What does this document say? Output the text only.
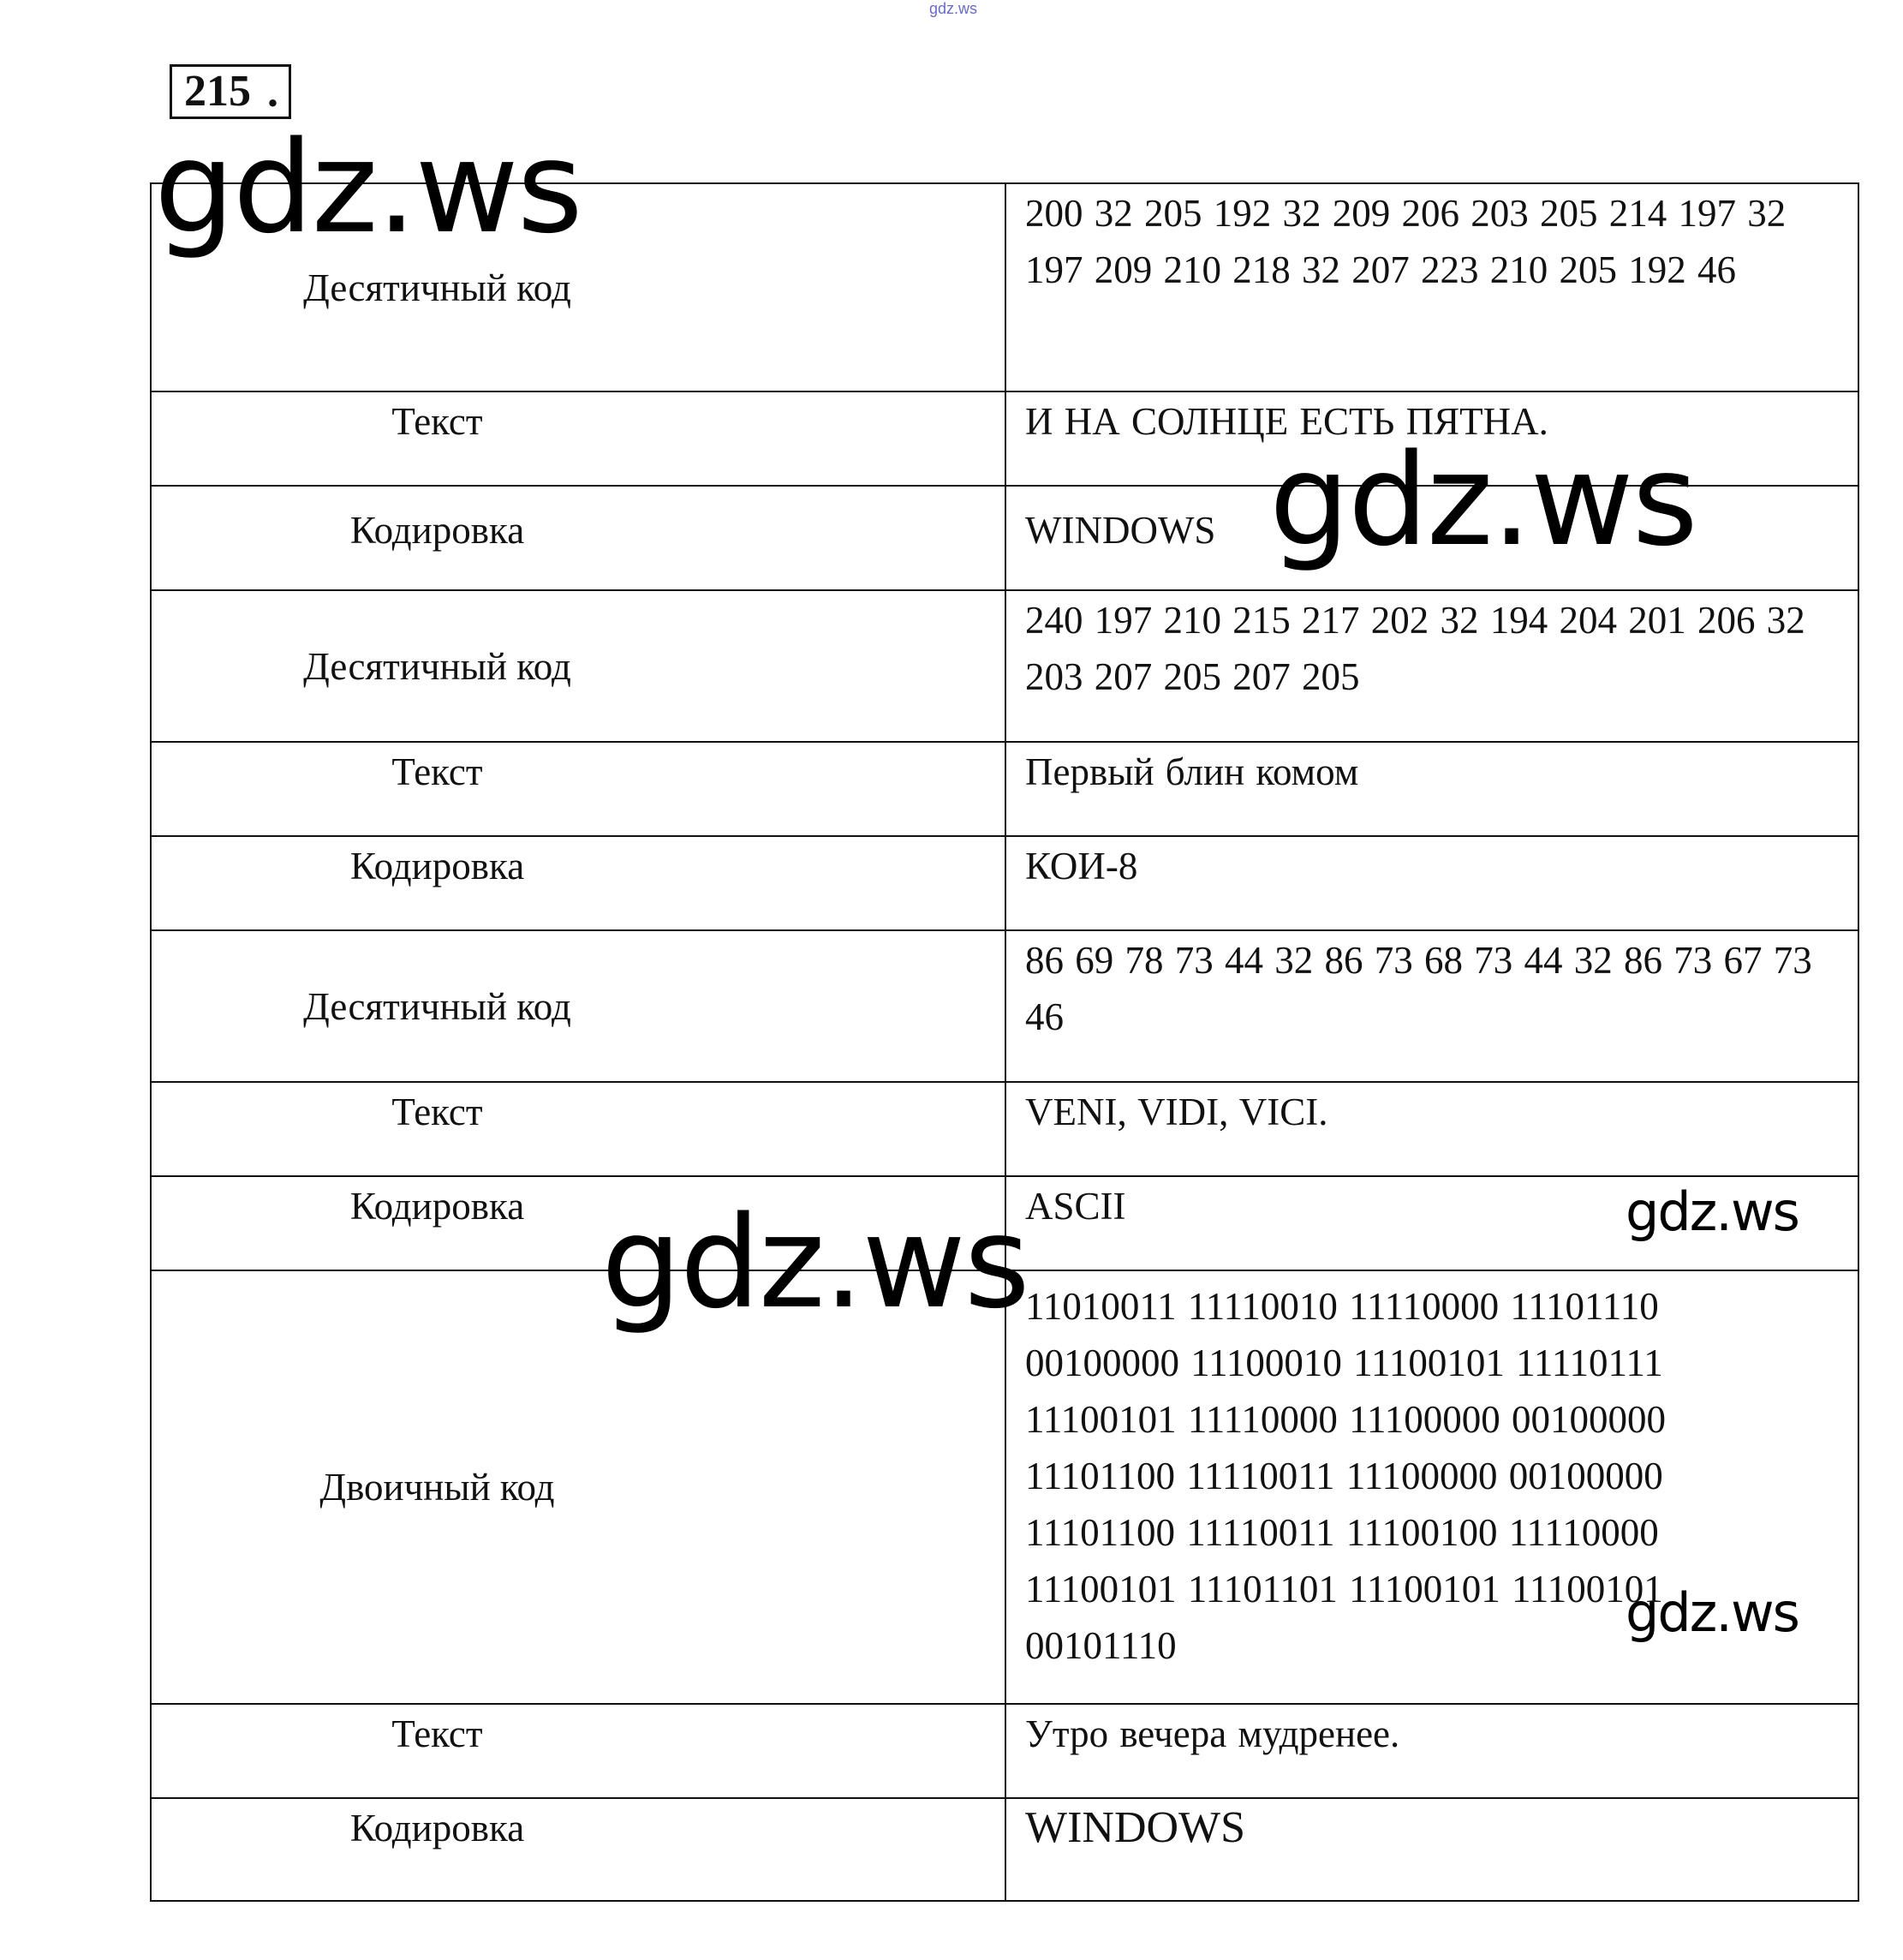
gdz.ws
215 .
Десятичный код	200 32 205 192 32 209 206 203 205 214 197 32 197 209 210 218 32 207 223 210 205 192 46
Текст	И НА СОЛНЦЕ ЕСТЬ ПЯТНА.
Кодировка	WINDOWS
Десятичный код	240 197 210 215 217 202 32 194 204 201 206 32 203 207 205 207 205
Текст	Первый блин комом
Кодировка	КОИ-8
Десятичный код	86 69 78 73 44 32 86 73 68 73 44 32 86 73 67 73 46
Текст	VENI, VIDI, VICI.
Кодировка	ASCII
Двоичный код	11010011 11110010 11110000 11101110 00100000 11100010 11100101 11110111 11100101 11110000 11100000 00100000 11101100 11110011 11100000 00100000 11101100 11110011 11100100 11110000 11100101 11101101 11100101 11100101 00101110
Текст	Утро вечера мудренее.
Кодировка	WINDOWS
gdz.ws
gdz.ws
gdz.ws	gdz.ws
gdz.ws
